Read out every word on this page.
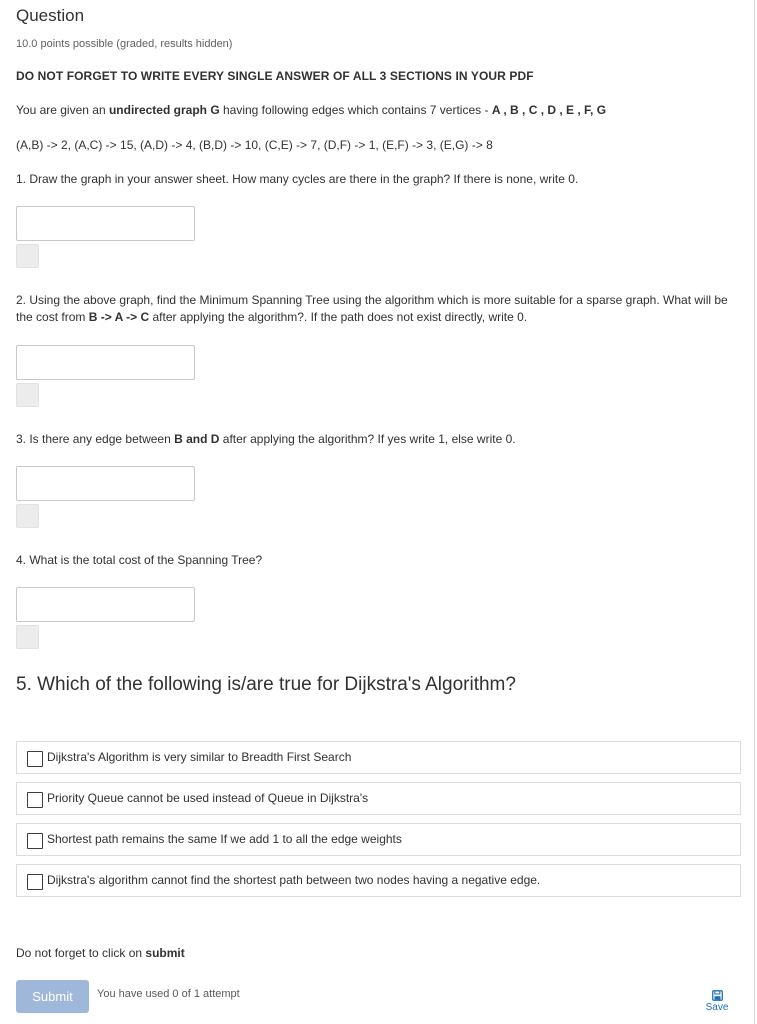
Question
10.0 points possible (graded, results hidden)
DO NOT FORGET TO WRITE EVERY SINGLE ANSWER OF ALL 3 SECTIONS IN YOUR PDF
You are given an undirected graph G having following edges which contains 7 vertices - A , B , C , D , E , F, G
(A,B) -> 2, (A,C) -> 15, (A,D) -> 4, (B,D) -> 10, (C,E) -> 7, (D,F) -> 1, (E,F) -> 3, (E,G) -> 8
1. Draw the graph in your answer sheet. How many cycles are there in the graph? If there is none, write 0.
2. Using the above graph, find the Minimum Spanning Tree using the algorithm which is more suitable for a sparse graph. What will be the cost from B -> A -> C after applying the algorithm?. If the path does not exist directly, write 0.
3. Is there any edge between B and D after applying the algorithm? If yes write 1, else write 0.
4. What is the total cost of the Spanning Tree?
5. Which of the following is/are true for Dijkstra's Algorithm?
Dijkstra's Algorithm is very similar to Breadth First Search
Priority Queue cannot be used instead of Queue in Dijkstra's
Shortest path remains the same If we add 1 to all the edge weights
Dijkstra's algorithm cannot find the shortest path between two nodes having a negative edge.
Do not forget to click on submit
Submit	You have used 0 of 1 attempt
Save
